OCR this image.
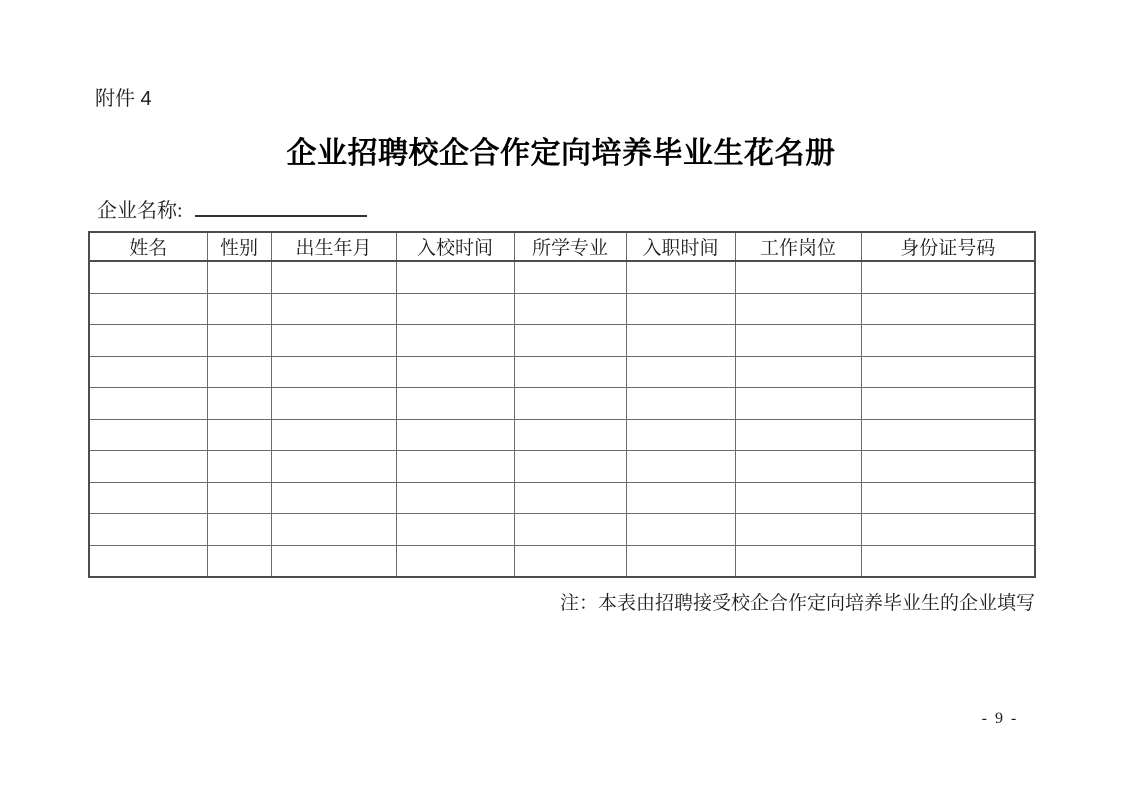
附件 4
企业招聘校企合作定向培养毕业生花名册
企业名称:
姓名	性别	出生年月	入校时间	所学专业	入职时间	工作岗位	身份证号码

注：本表由招聘接受校企合作定向培养毕业生的企业填写
- 9 -
